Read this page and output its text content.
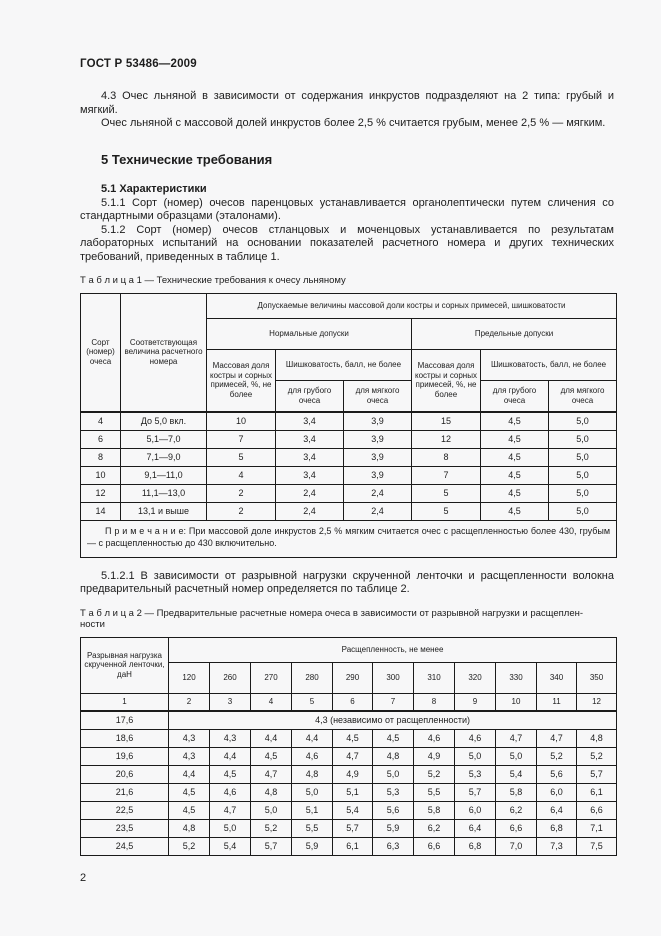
ГОСТ Р 53486—2009

4.3 Очес льняной в зависимости от содержания инкрустов подразделяют на 2 типа: грубый и мягкий.

Очес льняной с массовой долей инкрустов более 2,5 % считается грубым, менее 2,5 % — мягким.

5 Технические требования
5.1 Характеристики

5.1.1 Сорт (номер) очесов паренцовых устанавливается органолептически путем сличения со стандартными образцами (эталонами).

5.1.2 Сорт (номер) очесов стланцовых и моченцовых устанавливается по результатам лабораторных испытаний на основании показателей расчетного номера и других технических требований, приведенных в таблице 1.

Т а б л и ц а 1 — Технические требования к очесу льняному
Сорт (номер) очеса	Соответствующая величина расчетного номера	Допускаемые величины массовой доли костры и сорных примесей, шишковатости					
		Нормальные допуски			Предельные допуски		
		Массовая доля костры и сорных примесей, %, не более	Шишковатость, балл, не более		Массовая доля костры и сорных примесей, %, не более	Шишковатость, балл, не более	
			для грубого очеса	для мягкого очеса		для грубого очеса	для мягкого очеса
4	До 5,0 вкл.	10	3,4	3,9	15	4,5	5,0
6	5,1—7,0	7	3,4	3,9	12	4,5	5,0
8	7,1—9,0	5	3,4	3,9	8	4,5	5,0
10	9,1—11,0	4	3,4	3,9	7	4,5	5,0
12	11,1—13,0	2	2,4	2,4	5	4,5	5,0
14	13,1 и выше	2	2,4	2,4	5	4,5	5,0
П р и м е ч а н и е: При массовой доле инкрустов 2,5 % мягким считается очес с расщепленностью более 430, грубым — с расщепленностью до 430 включительно.							

5.1.2.1 В зависимости от разрывной нагрузки скрученной ленточки и расщепленности волокна предварительный расчетный номер определяется по таблице 2.

Т а б л и ц а 2 — Предварительные расчетные номера очеса в зависимости от разрывной нагрузки и расщеплен-
ности
Разрывная нагрузка скрученной ленточки, даН	Расщепленность, не менее										
	120	260	270	280	290	300	310	320	330	340	350
1	2	3	4	5	6	7	8	9	10	11	12
17,6	4,3 (независимо от расщепленности)										
18,6	4,3	4,3	4,4	4,4	4,5	4,5	4,6	4,6	4,7	4,7	4,8
19,6	4,3	4,4	4,5	4,6	4,7	4,8	4,9	5,0	5,0	5,2	5,2
20,6	4,4	4,5	4,7	4,8	4,9	5,0	5,2	5,3	5,4	5,6	5,7
21,6	4,5	4,6	4,8	5,0	5,1	5,3	5,5	5,7	5,8	6,0	6,1
22,5	4,5	4,7	5,0	5,1	5,4	5,6	5,8	6,0	6,2	6,4	6,6
23,5	4,8	5,0	5,2	5,5	5,7	5,9	6,2	6,4	6,6	6,8	7,1
24,5	5,2	5,4	5,7	5,9	6,1	6,3	6,6	6,8	7,0	7,3	7,5
2
